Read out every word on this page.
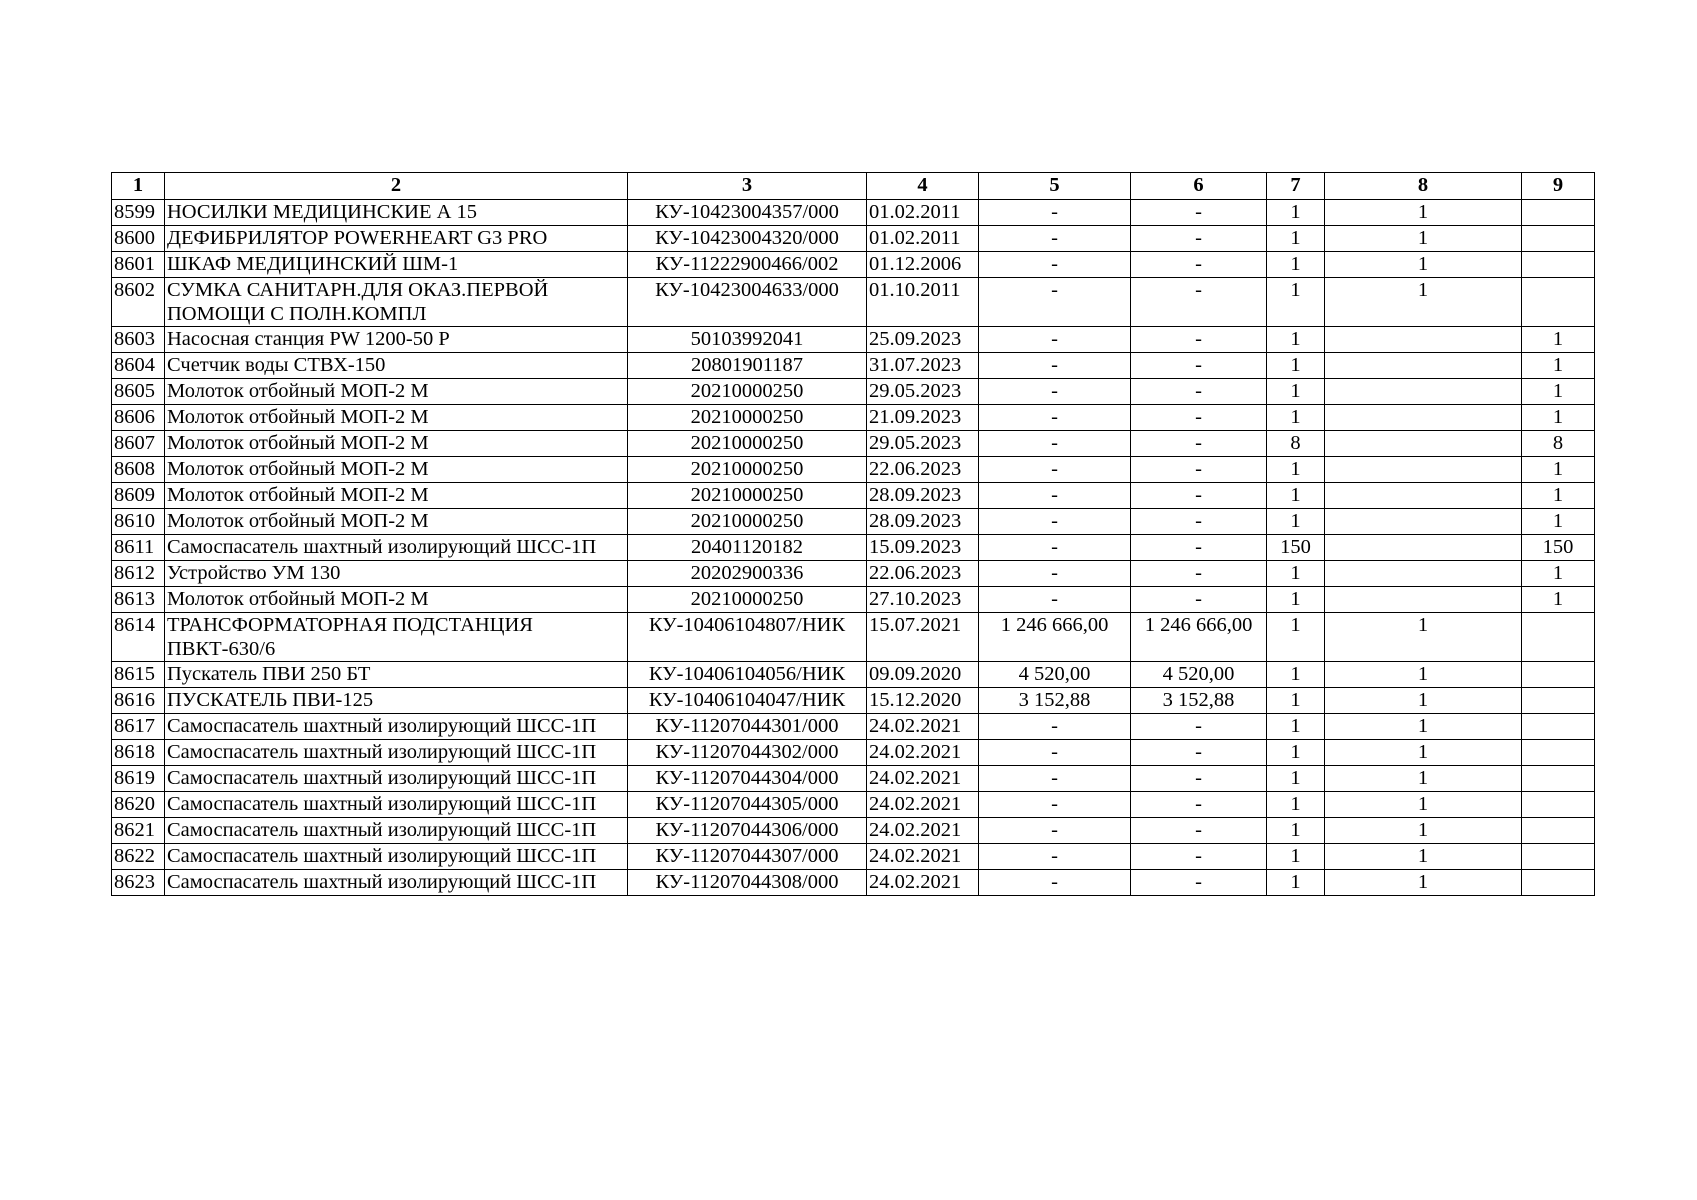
1	2	3	4	5	6	7	8	9
8599	НОСИЛКИ МЕДИЦИНСКИЕ А 15	КУ-10423004357/000	01.02.2011	-	-	1	1	
8600	ДЕФИБРИЛЯТОР POWERHEART G3 PRO	КУ-10423004320/000	01.02.2011	-	-	1	1	
8601	ШКАФ МЕДИЦИНСКИЙ ШМ-1	КУ-11222900466/002	01.12.2006	-	-	1	1	
8602	СУМКА САНИТАРН.ДЛЯ ОКАЗ.ПЕРВОЙ ПОМОЩИ С ПОЛН.КОМПЛ	КУ-10423004633/000	01.10.2011	-	-	1	1	
8603	Насосная станция PW 1200-50 P	50103992041	25.09.2023	-	-	1		1
8604	Счетчик воды СТВХ-150	20801901187	31.07.2023	-	-	1		1
8605	Молоток отбойный МОП-2 М	20210000250	29.05.2023	-	-	1		1
8606	Молоток отбойный МОП-2 М	20210000250	21.09.2023	-	-	1		1
8607	Молоток отбойный МОП-2 М	20210000250	29.05.2023	-	-	8		8
8608	Молоток отбойный МОП-2 М	20210000250	22.06.2023	-	-	1		1
8609	Молоток отбойный МОП-2 М	20210000250	28.09.2023	-	-	1		1
8610	Молоток отбойный МОП-2 М	20210000250	28.09.2023	-	-	1		1
8611	Самоспасатель шахтный изолирующий ШСС-1П	20401120182	15.09.2023	-	-	150		150
8612	Устройство УМ 130	20202900336	22.06.2023	-	-	1		1
8613	Молоток отбойный МОП-2 М	20210000250	27.10.2023	-	-	1		1
8614	ТРАНСФОРМАТОРНАЯ ПОДСТАНЦИЯ ПВКТ-630/6	КУ-10406104807/НИК	15.07.2021	1 246 666,00	1 246 666,00	1	1	
8615	Пускатель ПВИ 250 БТ	КУ-10406104056/НИК	09.09.2020	4 520,00	4 520,00	1	1	
8616	ПУСКАТЕЛЬ ПВИ-125	КУ-10406104047/НИК	15.12.2020	3 152,88	3 152,88	1	1	
8617	Самоспасатель шахтный изолирующий ШСС-1П	КУ-11207044301/000	24.02.2021	-	-	1	1	
8618	Самоспасатель шахтный изолирующий ШСС-1П	КУ-11207044302/000	24.02.2021	-	-	1	1	
8619	Самоспасатель шахтный изолирующий ШСС-1П	КУ-11207044304/000	24.02.2021	-	-	1	1	
8620	Самоспасатель шахтный изолирующий ШСС-1П	КУ-11207044305/000	24.02.2021	-	-	1	1	
8621	Самоспасатель шахтный изолирующий ШСС-1П	КУ-11207044306/000	24.02.2021	-	-	1	1	
8622	Самоспасатель шахтный изолирующий ШСС-1П	КУ-11207044307/000	24.02.2021	-	-	1	1	
8623	Самоспасатель шахтный изолирующий ШСС-1П	КУ-11207044308/000	24.02.2021	-	-	1	1	
